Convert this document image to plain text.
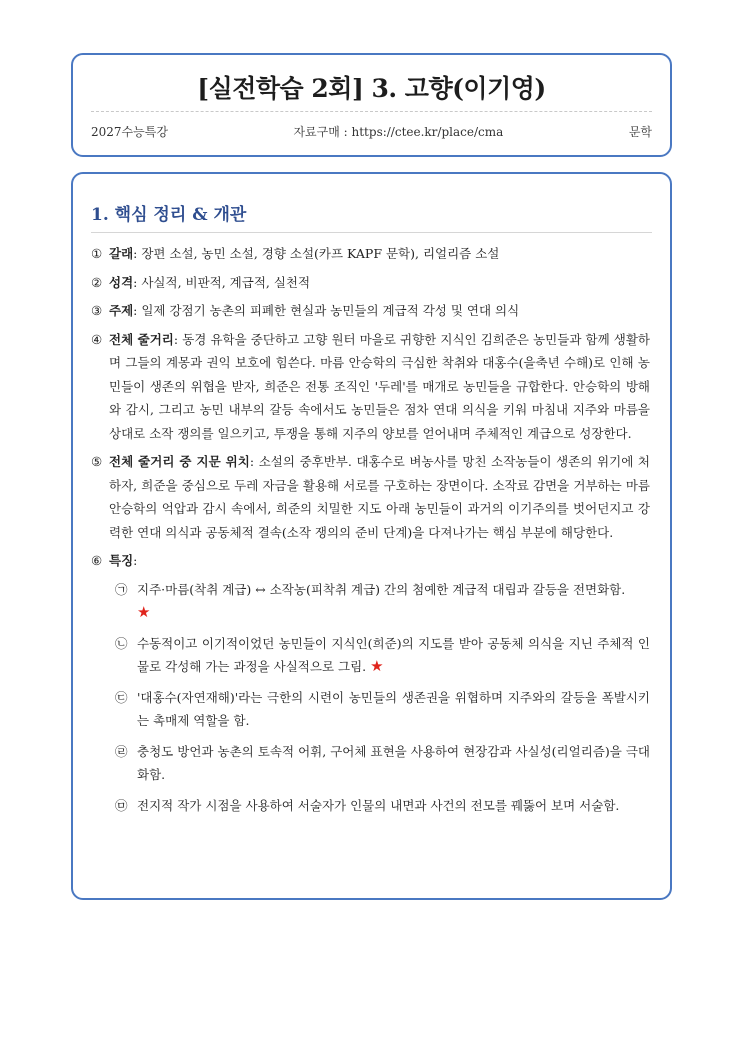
[실전학습 2회] 3. 고향(이기영)
2027수능특강	자료구매 : https://ctee.kr/place/cma	문학
1. 핵심 정리 & 개관
① 갈래: 장편 소설, 농민 소설, 경향 소설(카프 KAPF 문학), 리얼리즘 소설
② 성격: 사실적, 비판적, 계급적, 실천적
③ 주제: 일제 강점기 농촌의 피폐한 현실과 농민들의 계급적 각성 및 연대 의식
④ 전체 줄거리: 동경 유학을 중단하고 고향 원터 마을로 귀향한 지식인 김희준은 농민들과 함께 생활하며 그들의 계몽과 권익 보호에 힘쓴다. 마름 안승학의 극심한 착취와 대홍수(을축년 수해)로 인해 농민들이 생존의 위협을 받자, 희준은 전통 조직인 '두레'를 매개로 농민들을 규합한다. 안승학의 방해와 감시, 그리고 농민 내부의 갈등 속에서도 농민들은 점차 연대 의식을 키워 마침내 지주와 마름을 상대로 소작 쟁의를 일으키고, 투쟁을 통해 지주의 양보를 얻어내며 주체적인 계급으로 성장한다.
⑤ 전체 줄거리 중 지문 위치: 소설의 중후반부. 대홍수로 벼농사를 망친 소작농들이 생존의 위기에 처하자, 희준을 중심으로 두레 자금을 활용해 서로를 구호하는 장면이다. 소작료 감면을 거부하는 마름 안승학의 억압과 감시 속에서, 희준의 치밀한 지도 아래 농민들이 과거의 이기주의를 벗어던지고 강력한 연대 의식과 공동체적 결속(소작 쟁의의 준비 단계)을 다져나가는 핵심 부분에 해당한다.
⑥ 특징:
㉠ 지주·마름(착취 계급) ↔ 소작농(피착취 계급) 간의 첨예한 계급적 대립과 갈등을 전면화함.
★
㉡ 수동적이고 이기적이었던 농민들이 지식인(희준)의 지도를 받아 공동체 의식을 지닌 주체적 인물로 각성해 가는 과정을 사실적으로 그림. ★
㉢ '대홍수(자연재해)'라는 극한의 시련이 농민들의 생존권을 위협하며 지주와의 갈등을 폭발시키는 촉매제 역할을 함.
㉣ 충청도 방언과 농촌의 토속적 어휘, 구어체 표현을 사용하여 현장감과 사실성(리얼리즘)을 극대화함.
㉤ 전지적 작가 시점을 사용하여 서술자가 인물의 내면과 사건의 전모를 꿰뚫어 보며 서술함.
